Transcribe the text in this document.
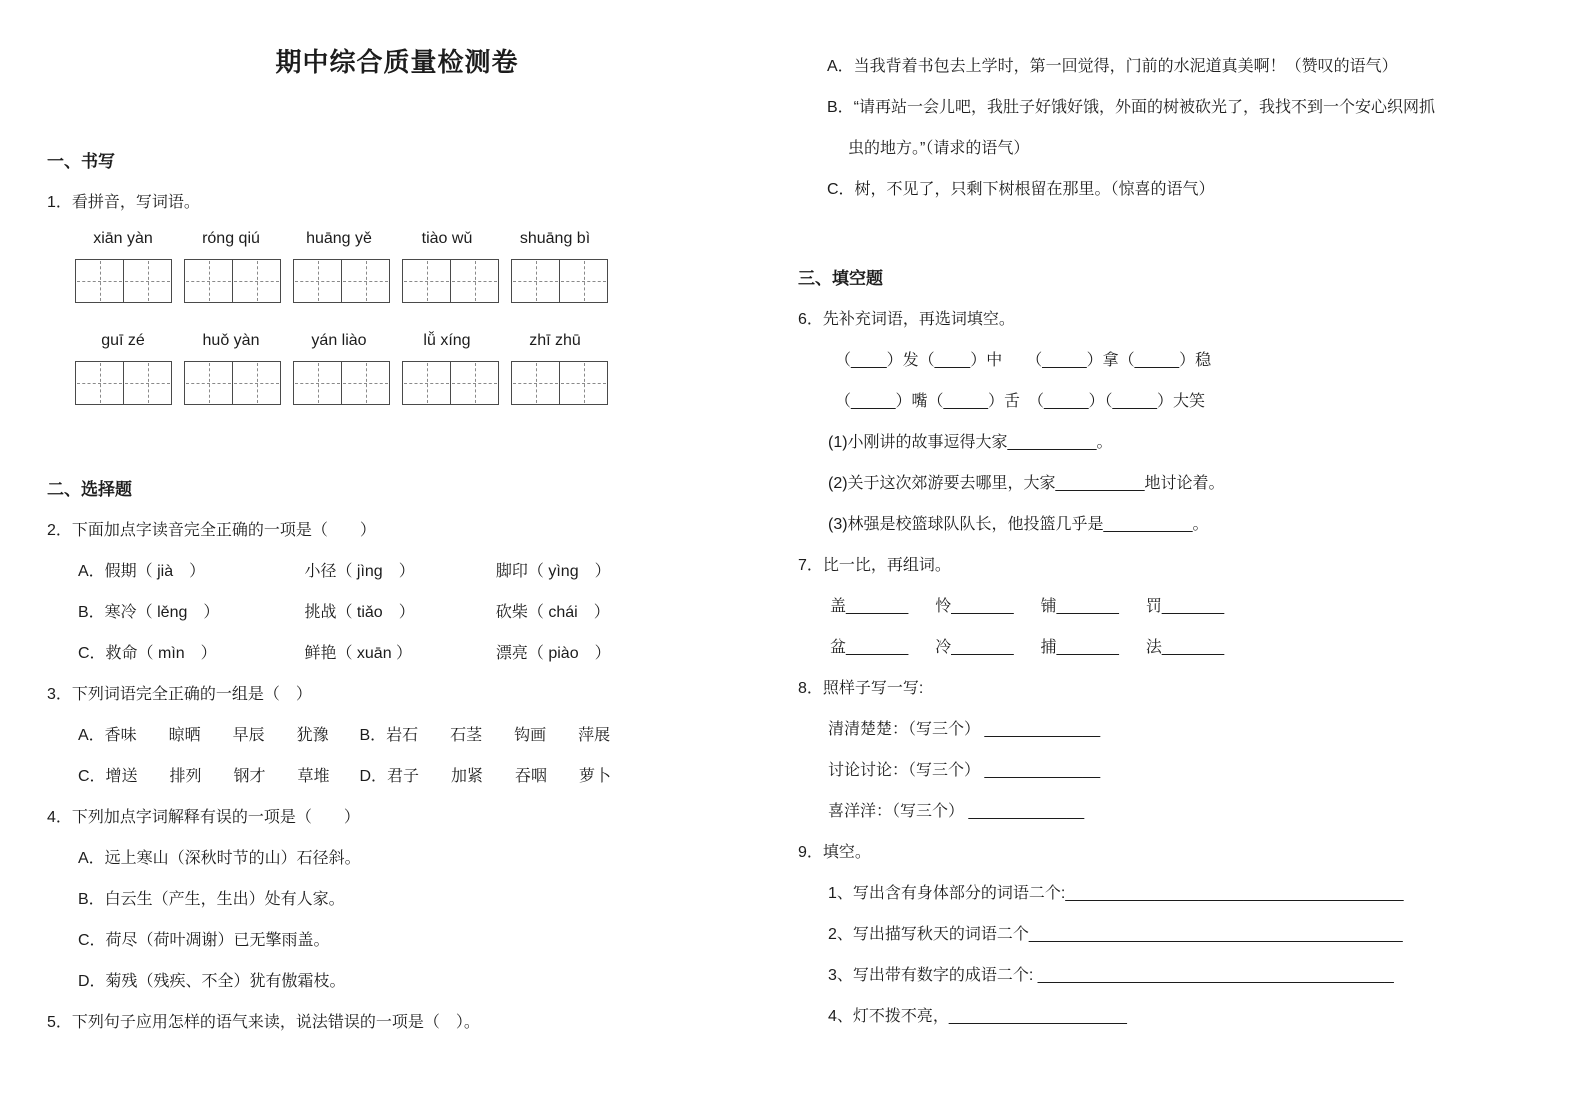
期中综合质量检测卷
一、书写
1．看拼音，写词语。
xiān yàn	róng qiú	huāng yě	tiào wǔ	shuāng bì
guī zé	huǒ yàn	yán liào	lǚ xíng	zhī zhū
二、选择题
2．下面加点字读音完全正确的一项是（　　）
A．假期（ jià　）	小径（ jìng　）	脚印（ yìng　）
B．寒冷（ lěng　）	挑战（ tiǎo　）	砍柴（ chái　）
C．救命（ mìn　）	鲜艳（ xuān ）	漂亮（ piào　）
3．下列词语完全正确的一组是（　）
A．香味　　晾晒　　早辰　　犹豫 B．岩石　　石茎　　钩画　　萍展
C．增送　　排列　　钢才　　草堆 D．君子　　加紧　　吞咽　　萝卜
4．下列加点字词解释有误的一项是（　　）
A．远上寒山（深秋时节的山）石径斜。
B．白云生（产生，生出）处有人家。
C．荷尽（荷叶凋谢）已无擎雨盖。
D．菊残（残疾、不全）犹有傲霜枝。
5．下列句子应用怎样的语气来读，说法错误的一项是（　）。
A．当我背着书包去上学时，第一回觉得，门前的水泥道真美啊！（赞叹的语气）
B．“请再站一会儿吧，我肚子好饿好饿，外面的树被砍光了，我找不到一个安心织网抓虫的地方。”（请求的语气）
C．树，不见了，只剩下树根留在那里。（惊喜的语气）
三、填空题
6．先补充词语，再选词填空。
（____）发（____）中　　（_____）拿（_____）稳
（_____）嘴（_____）舌　（_____）（_____）大笑
(1)小刚讲的故事逗得大家__________。
(2)关于这次郊游要去哪里，大家__________地讨论着。
(3)林强是校篮球队队长，他投篮几乎是__________。
7．比一比，再组词。
盖_______ 怜_______ 铺_______ 罚_______
盆_______ 冷_______ 捕_______ 法_______
8．照样子写一写:
清清楚楚：（写三个） _____________
讨论讨论：（写三个） _____________
喜洋洋：（写三个） _____________
9．填空。
1、写出含有身体部分的词语二个:______________________________________
2、写出描写秋天的词语二个__________________________________________
3、写出带有数字的成语二个: ________________________________________
4、灯不拨不亮，____________________
